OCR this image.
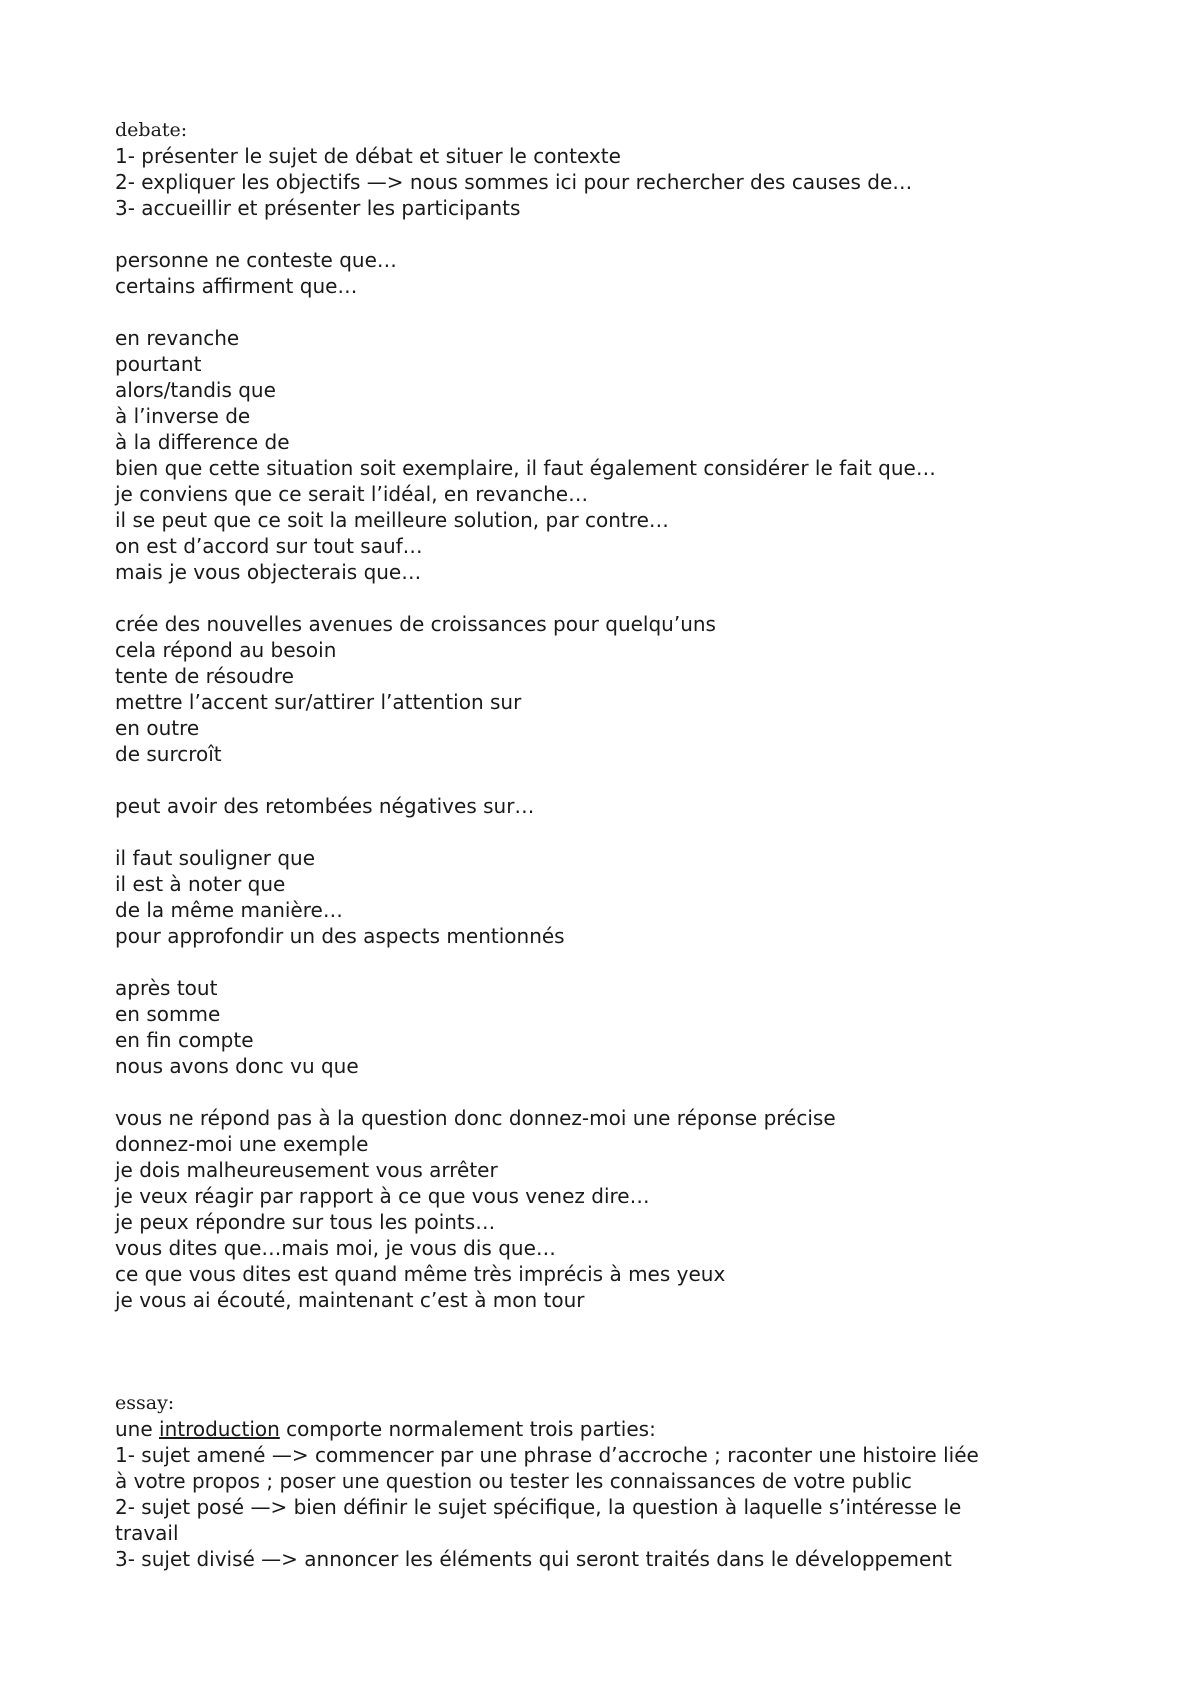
debate:
1- présenter le sujet de débat et situer le contexte
2- expliquer les objectifs —> nous sommes ici pour rechercher des causes de…
3- accueillir et présenter les participants
personne ne conteste que…
certains affirment que…
en revanche
pourtant
alors/tandis que
à l’inverse de
à la difference de
bien que cette situation soit exemplaire, il faut également considérer le fait que…
je conviens que ce serait l’idéal, en revanche…
il se peut que ce soit la meilleure solution, par contre…
on est d’accord sur tout sauf…
mais je vous objecterais que…
crée des nouvelles avenues de croissances pour quelqu’uns
cela répond au besoin
tente de résoudre
mettre l’accent sur/attirer l’attention sur
en outre
de surcroît
peut avoir des retombées négatives sur…
il faut souligner que
il est à noter que
de la même manière…
pour approfondir un des aspects mentionnés
après tout
en somme
en fin compte
nous avons donc vu que
vous ne répond pas à la question donc donnez-moi une réponse précise
donnez-moi une exemple
je dois malheureusement vous arrêter
je veux réagir par rapport à ce que vous venez dire…
je peux répondre sur tous les points…
vous dites que…mais moi, je vous dis que…
ce que vous dites est quand même très imprécis à mes yeux
je vous ai écouté, maintenant c’est à mon tour
essay:
une introduction comporte normalement trois parties:
1- sujet amené —> commencer par une phrase d’accroche ; raconter une histoire liée
à votre propos ; poser une question ou tester les connaissances de votre public
2- sujet posé —> bien définir le sujet spécifique, la question à laquelle s’intéresse le
travail
3- sujet divisé —> annoncer les éléments qui seront traités dans le développement
